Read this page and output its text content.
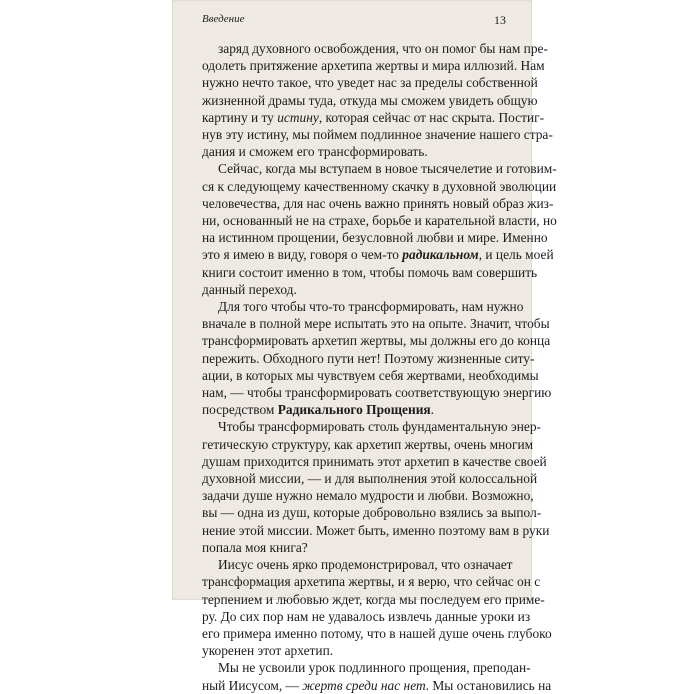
Введение	13
заряд духовного освобождения, что он помог бы нам пре-
одолеть притяжение архетипа жертвы и мира иллюзий. Нам
нужно нечто такое, что уведет нас за пределы собственной
жизненной драмы туда, откуда мы сможем увидеть общую
картину и ту истину, которая сейчас от нас скрыта. Постиг-
нув эту истину, мы поймем подлинное значение нашего стра-
дания и сможем его трансформировать.
Сейчас, когда мы вступаем в новое тысячелетие и готовим-
ся к следующему качественному скачку в духовной эволюции
человечества, для нас очень важно принять новый образ жиз-
ни, основанный не на страхе, борьбе и карательной власти, но
на истинном прощении, безусловной любви и мире. Именно
это я имею в виду, говоря о чем-то радикальном, и цель моей
книги состоит именно в том, чтобы помочь вам совершить
данный переход.
Для того чтобы что-то трансформировать, нам нужно
вначале в полной мере испытать это на опыте. Значит, чтобы
трансформировать архетип жертвы, мы должны его до конца
пережить. Обходного пути нет! Поэтому жизненные ситу-
ации, в которых мы чувствуем себя жертвами, необходимы
нам, — чтобы трансформировать соответствующую энергию
посредством Радикального Прощения.
Чтобы трансформировать столь фундаментальную энер-
гетическую структуру, как архетип жертвы, очень многим
душам приходится принимать этот архетип в качестве своей
духовной миссии, — и для выполнения этой колоссальной
задачи душе нужно немало мудрости и любви. Возможно,
вы — одна из душ, которые добровольно взялись за выпол-
нение этой миссии. Может быть, именно поэтому вам в руки
попала моя книга?
Иисус очень ярко продемонстрировал, что означает
трансформация архетипа жертвы, и я верю, что сейчас он с
терпением и любовью ждет, когда мы последуем его приме-
ру. До сих пор нам не удавалось извлечь данные уроки из
его примера именно потому, что в нашей душе очень глубоко
укоренен этот архетип.
Мы не усвоили урок подлинного прощения, преподан-
ный Иисусом, — жертв среди нас нет. Мы остановились на
